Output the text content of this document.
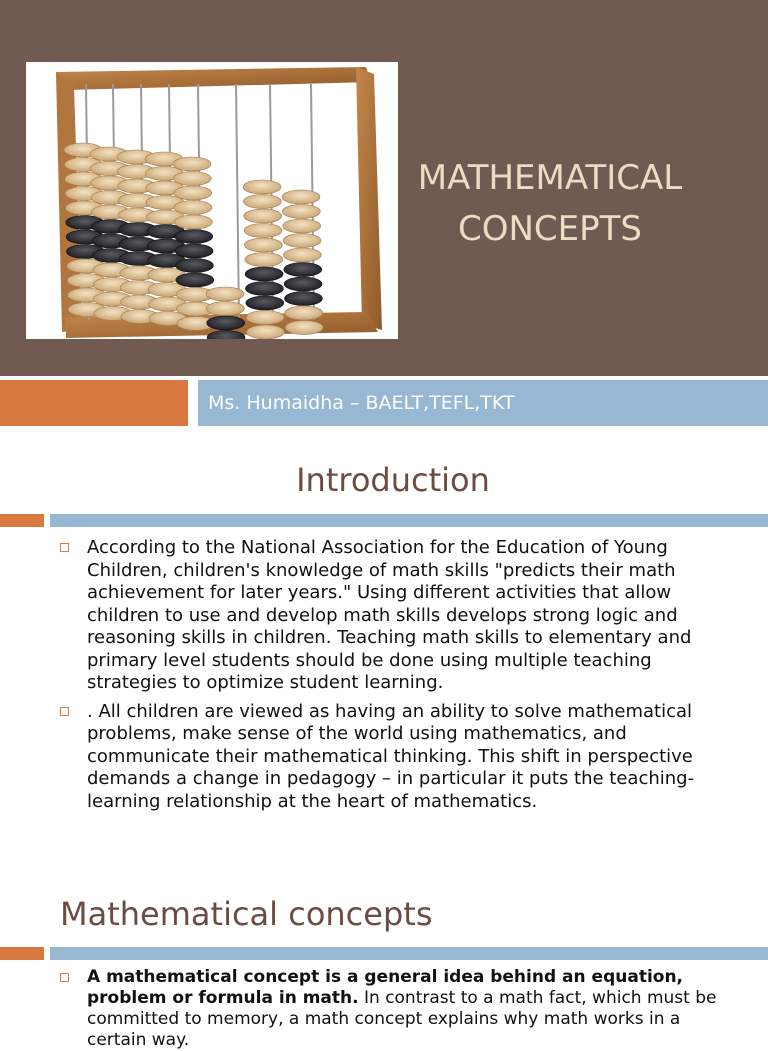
MATHEMATICAL
CONCEPTS
Ms. Humaidha – BAELT,TEFL,TKT
Introduction
According to the National Association for the Education of Young Children, children's knowledge of math skills "predicts their math achievement for later years." Using different activities that allow children to use and develop math skills develops strong logic and reasoning skills in children. Teaching math skills to elementary and primary level students should be done using multiple teaching strategies to optimize student learning.
. All children are viewed as having an ability to solve mathematical problems, make sense of the world using mathematics, and communicate their mathematical thinking. This shift in perspective demands a change in pedagogy – in particular it puts the teaching-learning relationship at the heart of mathematics.
Mathematical concepts
A mathematical concept is a general idea behind an equation, problem or formula in math. In contrast to a math fact, which must be committed to memory, a math concept explains why math works in a certain way.
